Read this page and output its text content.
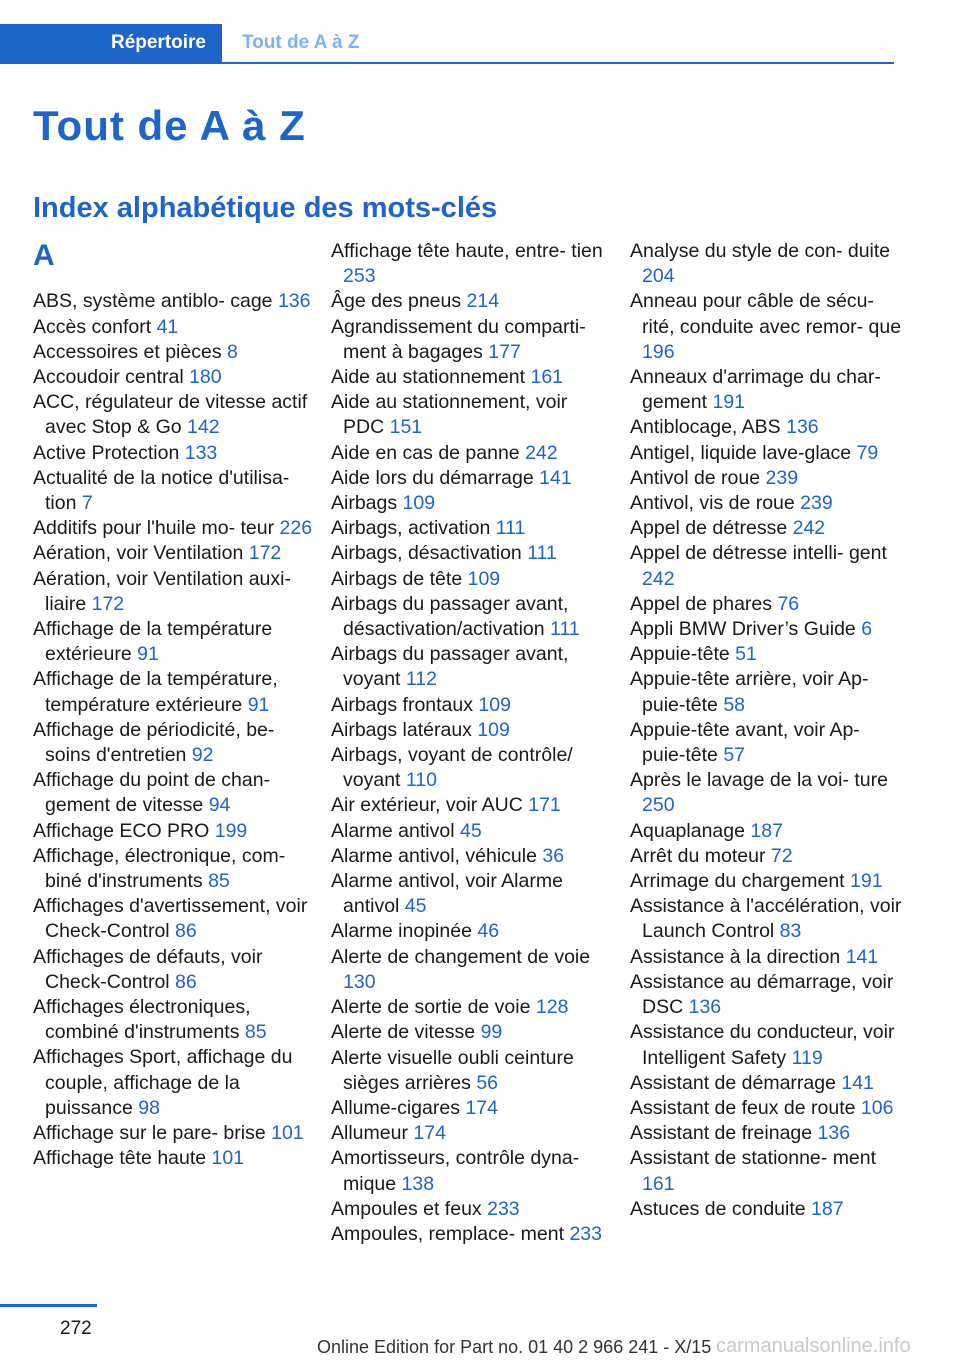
Répertoire	Tout de A à Z
Tout de A à Z
Index alphabétique des mots-clés
A
ABS, système antiblo‐ cage 136
Accès confort 41
Accessoires et pièces 8
Accoudoir central 180
ACC, régulateur de vitesse actif avec Stop & Go 142
Active Protection 133
Actualité de la notice d'utilisa‐ tion 7
Additifs pour l'huile mo‐ teur 226
Aération, voir Ventilation 172
Aération, voir Ventilation auxi‐ liaire 172
Affichage de la température extérieure 91
Affichage de la température, température extérieure 91
Affichage de périodicité, be‐ soins d'entretien 92
Affichage du point de chan‐ gement de vitesse 94
Affichage ECO PRO 199
Affichage, électronique, com‐ biné d'instruments 85
Affichages d'avertissement, voir Check-Control 86
Affichages de défauts, voir Check-Control 86
Affichages électroniques, combiné d'instruments 85
Affichages Sport, affichage du couple, affichage de la puissance 98
Affichage sur le pare‐ brise 101
Affichage tête haute 101
Affichage tête haute, entre‐ tien 253
Âge des pneus 214
Agrandissement du comparti‐ ment à bagages 177
Aide au stationnement 161
Aide au stationnement, voir PDC 151
Aide en cas de panne 242
Aide lors du démarrage 141
Airbags 109
Airbags, activation 111
Airbags, désactivation 111
Airbags de tête 109
Airbags du passager avant, désactivation/activation 111
Airbags du passager avant, voyant 112
Airbags frontaux 109
Airbags latéraux 109
Airbags, voyant de contrôle/ voyant 110
Air extérieur, voir AUC 171
Alarme antivol 45
Alarme antivol, véhicule 36
Alarme antivol, voir Alarme antivol 45
Alarme inopinée 46
Alerte de changement de voie 130
Alerte de sortie de voie 128
Alerte de vitesse 99
Alerte visuelle oubli ceinture sièges arrières 56
Allume-cigares 174
Allumeur 174
Amortisseurs, contrôle dyna‐ mique 138
Ampoules et feux 233
Ampoules, remplace‐ ment 233
Analyse du style de con‐ duite 204
Anneau pour câble de sécu‐ rité, conduite avec remor‐ que 196
Anneaux d'arrimage du char‐ gement 191
Antiblocage, ABS 136
Antigel, liquide lave-glace 79
Antivol de roue 239
Antivol, vis de roue 239
Appel de détresse 242
Appel de détresse intelli‐ gent 242
Appel de phares 76
Appli BMW Driver’s Guide 6
Appuie-tête 51
Appuie-tête arrière, voir Ap‐ puie-tête 58
Appuie-tête avant, voir Ap‐ puie-tête 57
Après le lavage de la voi‐ ture 250
Aquaplanage 187
Arrêt du moteur 72
Arrimage du chargement 191
Assistance à l'accélération, voir Launch Control 83
Assistance à la direction 141
Assistance au démarrage, voir DSC 136
Assistance du conducteur, voir Intelligent Safety 119
Assistant de démarrage 141
Assistant de feux de route 106
Assistant de freinage 136
Assistant de stationne‐ ment 161
Astuces de conduite 187
272
Online Edition for Part no. 01 40 2 966 241 - X/15 carmanualsonline.info
